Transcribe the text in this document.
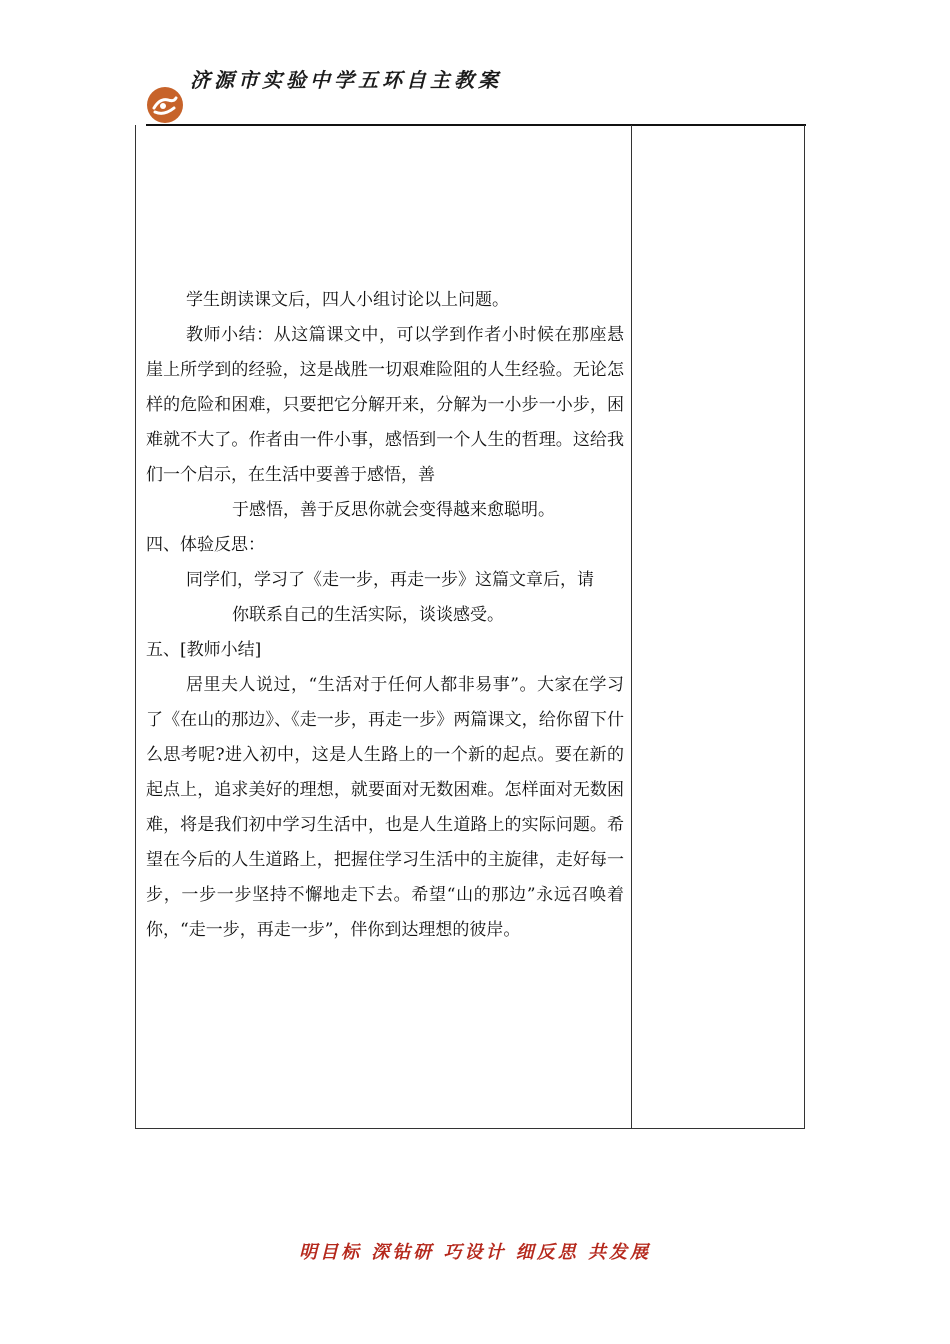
济源市实验中学五环自主教案

学生朗读课文后，四人小组讨论以上问题。

教师小结：从这篇课文中，可以学到作者小时候在那座悬崖上所学到的经验，这是战胜一切艰难险阻的人生经验。无论怎样的危险和困难，只要把它分解开来，分解为一小步一小步，困难就不大了。作者由一件小事，感悟到一个人生的哲理。这给我们一个启示，在生活中要善于感悟，善

于感悟，善于反思你就会变得越来愈聪明。

四、体验反思：

同学们，学习了《走一步，再走一步》这篇文章后，请

你联系自己的生活实际，谈谈感受。

五、[教师小结]

居里夫人说过，“生活对于任何人都非易事”。大家在学习了《在山的那边》、《走一步，再走一步》两篇课文，给你留下什么思考呢?进入初中，这是人生路上的一个新的起点。要在新的起点上，追求美好的理想，就要面对无数困难。怎样面对无数困难，将是我们初中学习生活中，也是人生道路上的实际问题。希望在今后的人生道路上，把握住学习生活中的主旋律，走好每一步，一步一步坚持不懈地走下去。希望“山的那边”永远召唤着你，“走一步，再走一步”，伴你到达理想的彼岸。

明目标 深钻研 巧设计 细反思 共发展
